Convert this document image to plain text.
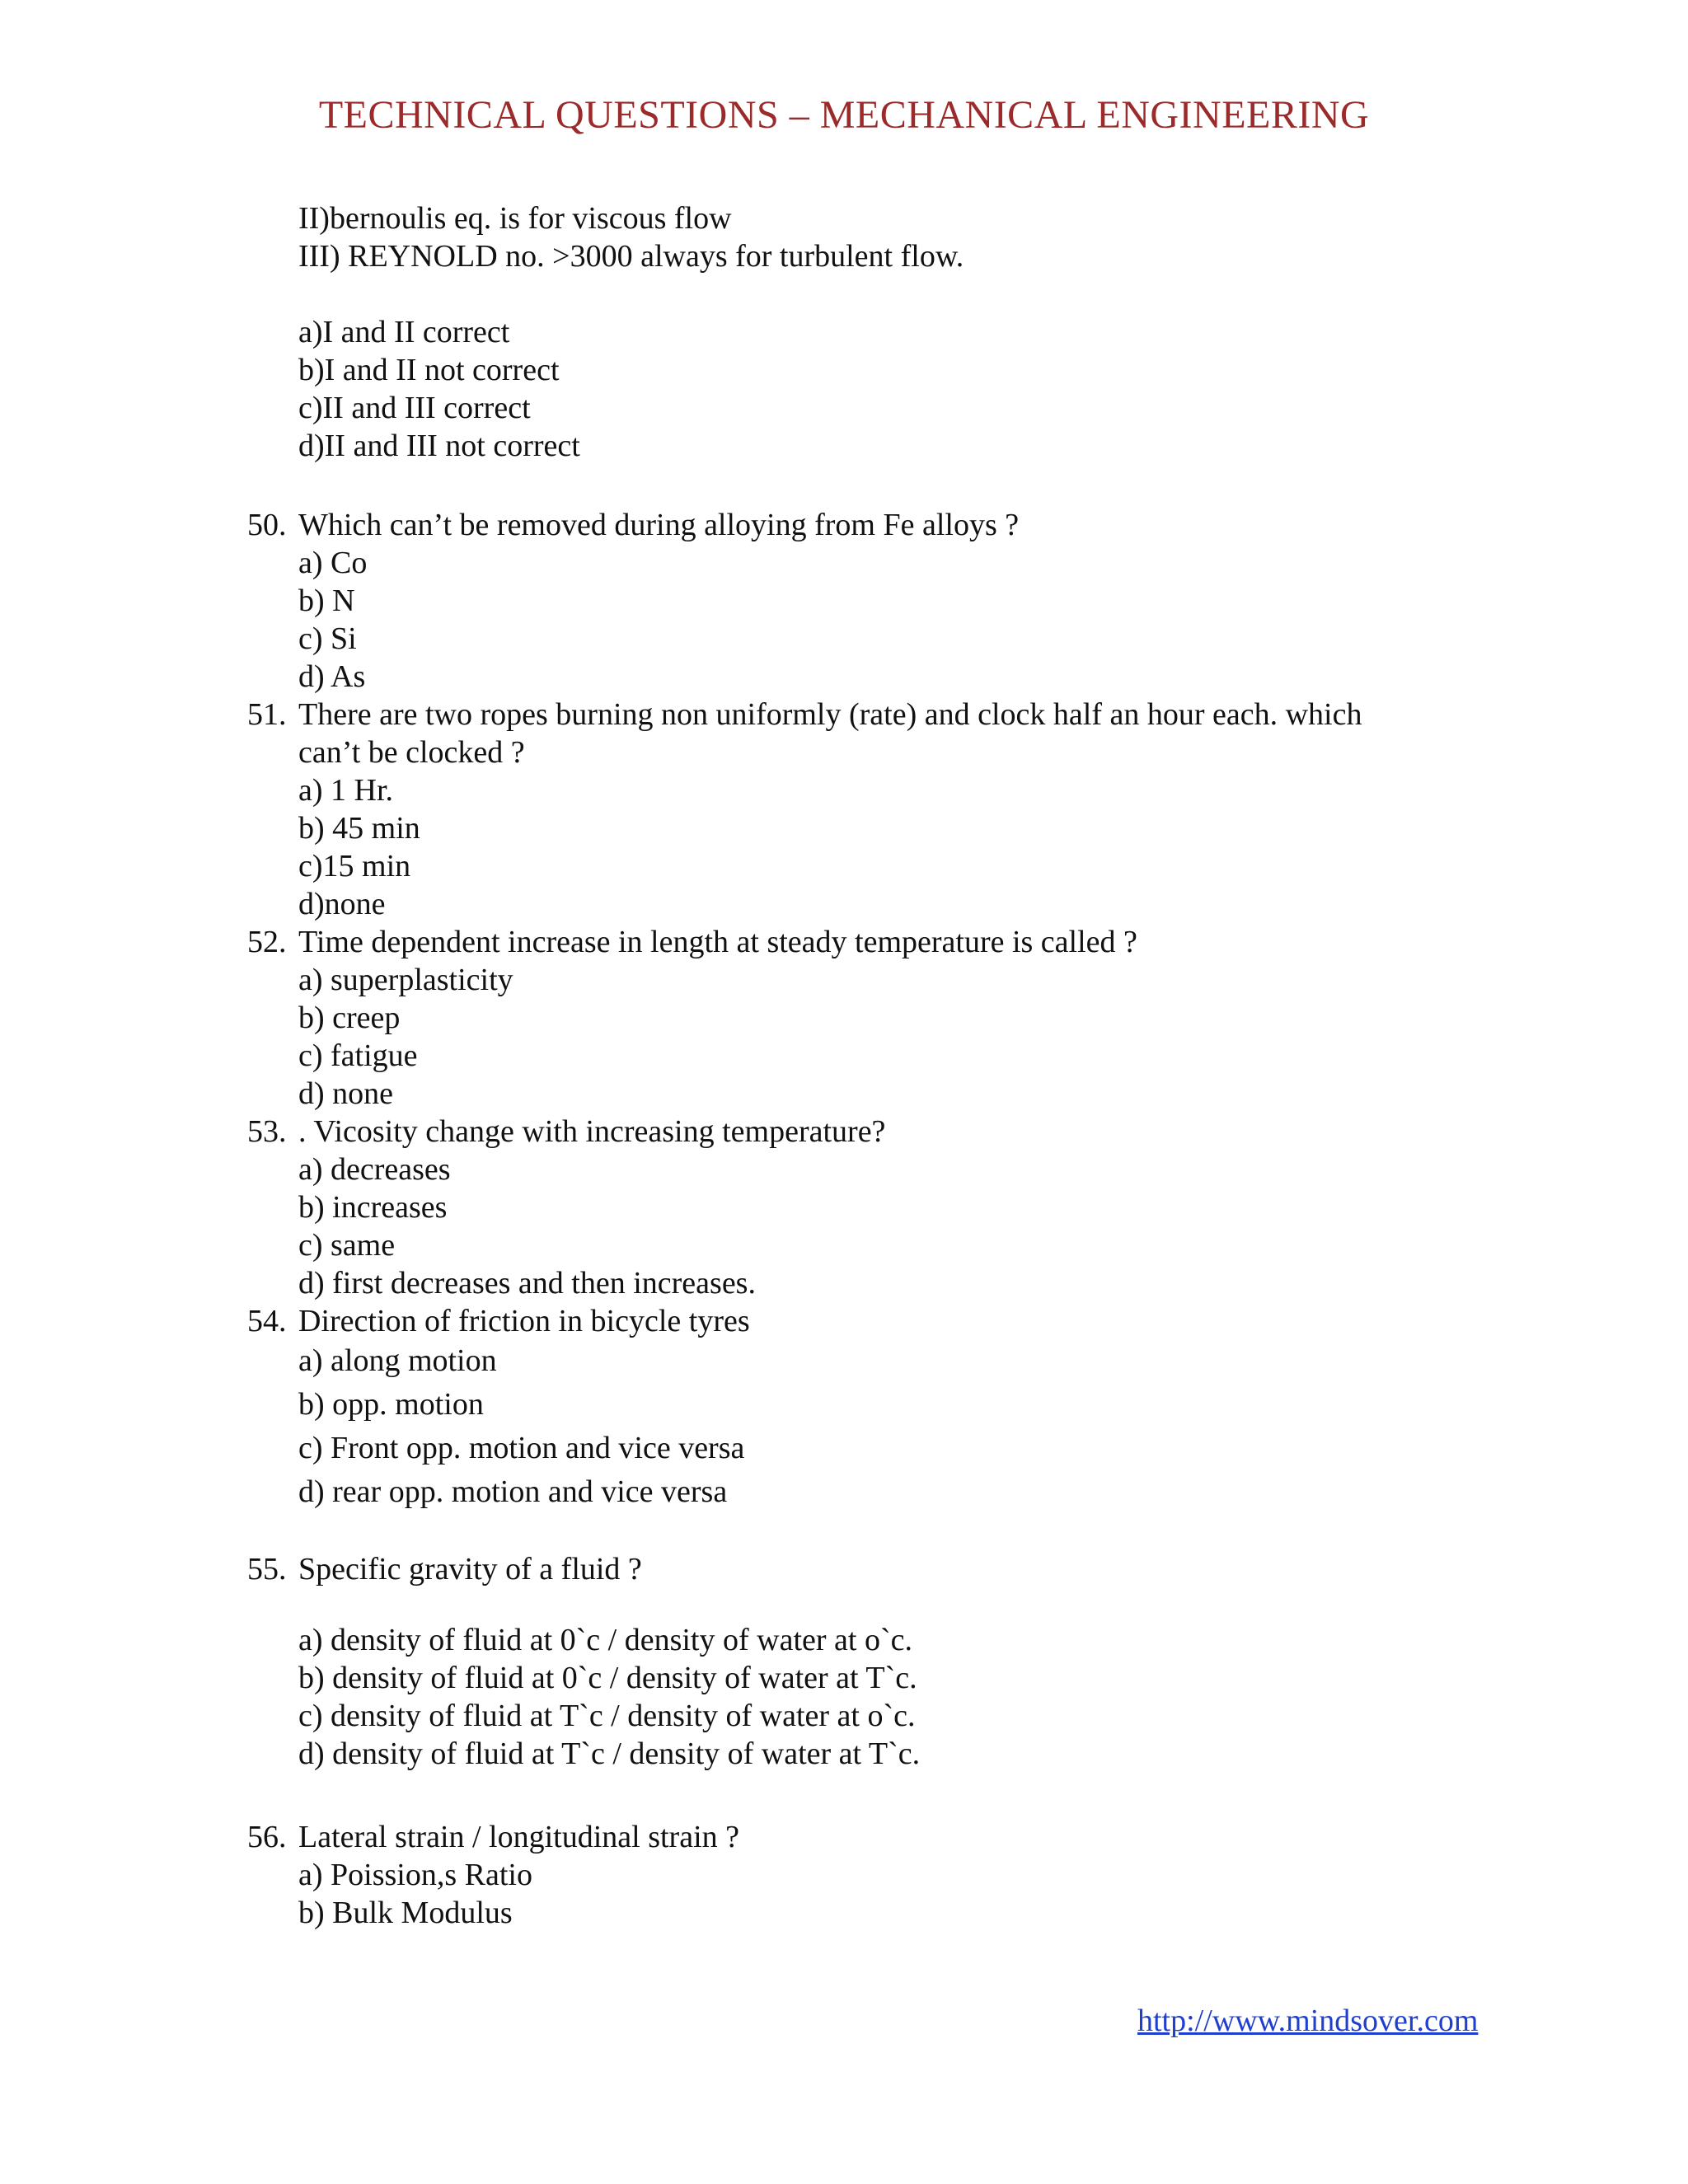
TECHNICAL QUESTIONS – MECHANICAL ENGINEERING
II)bernoulis eq. is for viscous flow
III) REYNOLD no. >3000 always for turbulent flow.
a)I and II correct
b)I and II not correct
c)II and III correct
d)II and III not correct
50. Which can’t be removed during alloying from Fe alloys ?
a) Co
b) N
c) Si
d) As
51. There are two ropes burning non uniformly (rate) and clock half an hour each. which
can’t be clocked ?
a) 1 Hr.
b) 45 min
c)15 min
d)none
52. Time dependent increase in length at steady temperature is called ?
a) superplasticity
b) creep
c) fatigue
d) none
53. . Vicosity change with increasing temperature?
a) decreases
b) increases
c) same
d) first decreases and then increases.
54. Direction of friction in bicycle tyres
a) along motion
b) opp. motion
c) Front opp. motion and vice versa
d) rear opp. motion and vice versa
55. Specific gravity of a fluid ?
a) density of fluid at 0`c / density of water at o`c.
b) density of fluid at 0`c / density of water at T`c.
c) density of fluid at T`c / density of water at o`c.
d) density of fluid at T`c / density of water at T`c.
56. Lateral strain / longitudinal strain ?
a) Poission,s Ratio
b) Bulk Modulus
http://www.mindsover.com
